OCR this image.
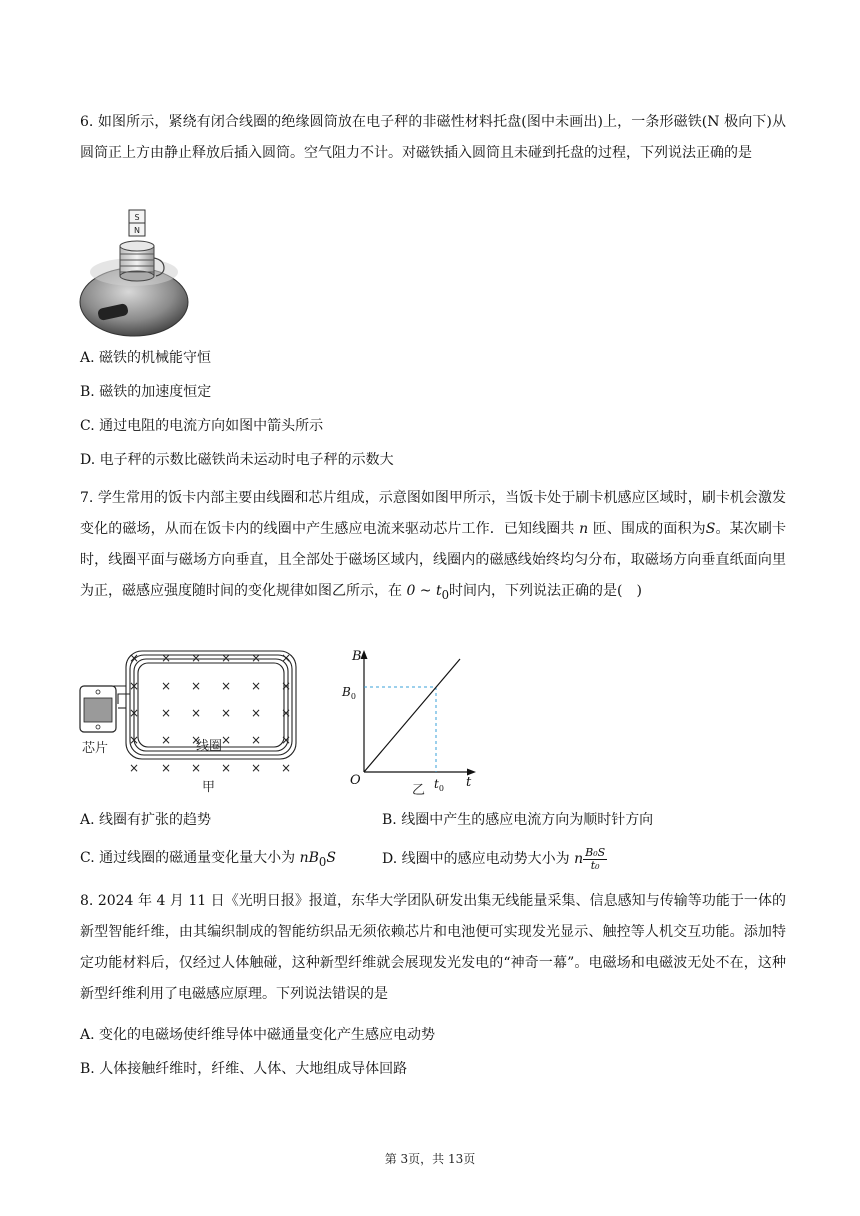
6. 如图所示，紧绕有闭合线圈的绝缘圆筒放在电子秤的非磁性材料托盘(图中未画出)上，一条形磁铁(N 极向下)从圆筒正上方由静止释放后插入圆筒。空气阻力不计。对磁铁插入圆筒且未碰到托盘的过程，下列说法正确的是

S
N
A. 磁铁的机械能守恒
B. 磁铁的加速度恒定
C. 通过电阻的电流方向如图中箭头所示
D. 电子秤的示数比磁铁尚未运动时电子秤的示数大

7. 学生常用的饭卡内部主要由线圈和芯片组成，示意图如图甲所示，当饭卡处于刷卡机感应区域时，刷卡机会激发变化的磁场，从而在饭卡内的线圈中产生感应电流来驱动芯片工作．已知线圈共 n 匝、围成的面积为S。某次刷卡时，线圈平面与磁场方向垂直，且全部处于磁场区域内，线圈内的磁感线始终均匀分布，取磁场方向垂直纸面向里为正，磁感应强度随时间的变化规律如图乙所示，在 0 ~ $t_0$时间内，下列说法正确的是(　)

× × × × × ×
× × × × × ×
× × × × × ×
× × × × × ×
× × × × × ×
芯片	线圈
甲
B
$B_0$
O	$t_0$ t
乙
A. 线圈有扩张的趋势	B. 线圈中产生的感应电流方向为顺时针方向
C. 通过线圈的磁通量变化量大小为 $nB_0S$	D. 线圈中的感应电动势大小为 n $\frac{\text{B₀S}}{\text{t₀}}$

8. 2024 年 4 月 11 日《光明日报》报道，东华大学团队研发出集无线能量采集、信息感知与传输等功能于一体的新型智能纤维，由其编织制成的智能纺织品无须依赖芯片和电池便可实现发光显示、触控等人机交互功能。添加特定功能材料后，仅经过人体触碰，这种新型纤维就会展现发光发电的“神奇一幕”。电磁场和电磁波无处不在，这种新型纤维利用了电磁感应原理。下列说法错误的是

A. 变化的电磁场使纤维导体中磁通量变化产生感应电动势
B. 人体接触纤维时，纤维、人体、大地组成导体回路
第 3页，共 13页
